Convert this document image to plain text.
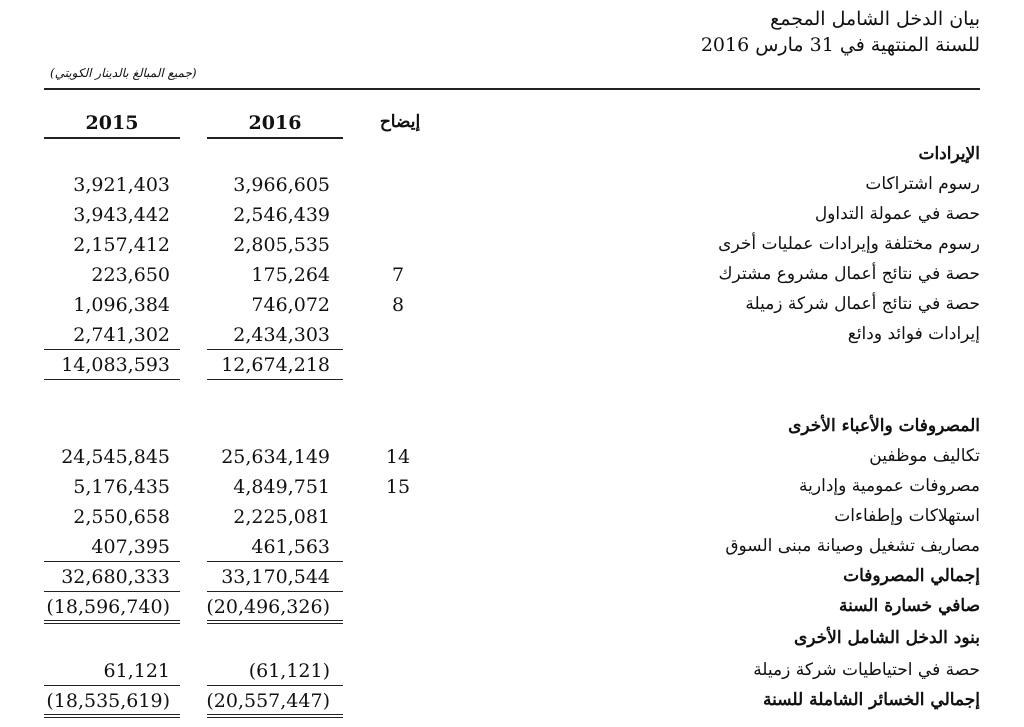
بيان الدخل الشامل المجمع
للسنة المنتهية في 31 مارس 2016
(جميع المبالغ بالدينار الكويتي)
2015	2016	إيضاح
الإيرادات
رسوم اشتراكات
3,966,605
3,921,403
حصة في عمولة التداول
2,546,439
3,943,442
رسوم مختلفة وإيرادات عمليات أخرى
2,805,535
2,157,412
حصة في نتائج أعمال مشروع مشترك
7
175,264
223,650
حصة في نتائج أعمال شركة زميلة
8
746,072
1,096,384
إيرادات فوائد ودائع
2,434,303
2,741,302
12,674,218
14,083,593
المصروفات والأعباء الأخرى
تكاليف موظفين
14
25,634,149
24,545,845
مصروفات عمومية وإدارية
15
4,849,751
5,176,435
استهلاكات وإطفاءات
2,225,081
2,550,658
مصاريف تشغيل وصيانة مبنى السوق
461,563
407,395
إجمالي المصروفات
33,170,544
32,680,333
صافي خسارة السنة
(20,496,326)
(18,596,740)
بنود الدخل الشامل الأخرى
حصة في احتياطيات شركة زميلة
(61,121)
61,121
إجمالي الخسائر الشاملة للسنة
(20,557,447)
(18,535,619)
